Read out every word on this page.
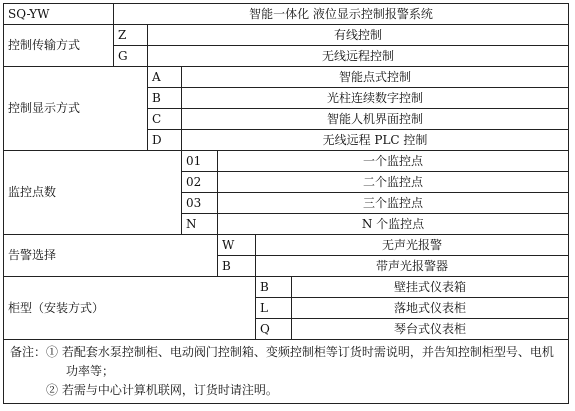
SQ-YW	智能一体化 液位显示控制报警系统					
控制传输方式	Z	有线控制				
	G	无线远程控制				
控制显示方式		A	智能点式控制			
		B	光柱连续数字控制			
		C	智能人机界面控制			
		D	无线远程 PLC 控制			
监控点数			01	一个监控点		
			02	二个监控点		
			03	三个监控点		
			N	N 个监控点		
告警选择				W	无声光报警	
				B	带声光报警器	
柜型（安装方式）					B	壁挂式仪表箱
					L	落地式仪表柜
					Q	琴台式仪表柜
备注：① 若配套水泵控制柜、电动阀门控制箱、变频控制柜等订货时需说明，并告知控制柜型号、电机
功率等；
② 若需与中心计算机联网，订货时请注明。
